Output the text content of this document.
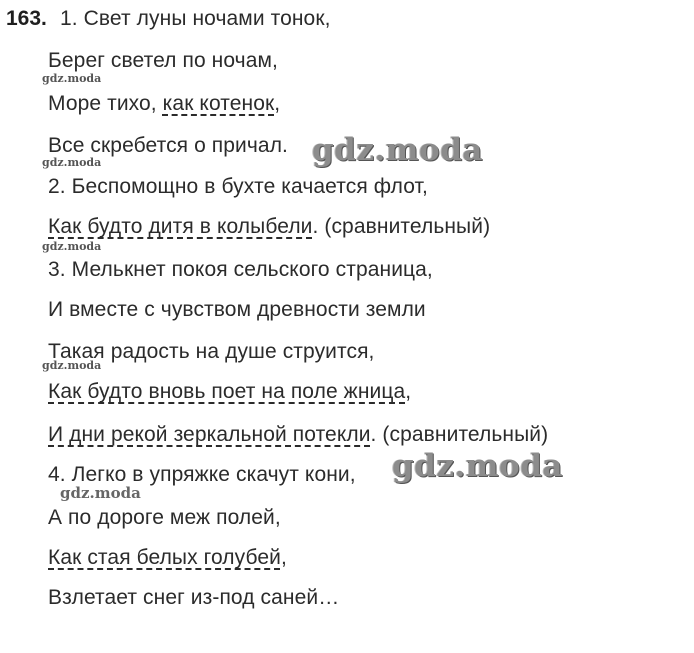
163. 1. Свет луны ночами тонок,
Берег светел по ночам,
Море тихо, как котенок,
Все скребется о причал.
2. Беспомощно в бухте качается флот,
Как будто дитя в колыбели. (сравнительный)
3. Мелькнет покоя сельского страница,
И вместе с чувством древности земли
Такая радость на душе струится,
Как будто вновь поет на поле жница,
И дни рекой зеркальной потекли. (сравнительный)
4. Легко в упряжке скачут кони,
А по дороге меж полей,
Как стая белых голубей,
Взлетает снег из-под саней…
gdz.moda
gdz.moda
gdz.moda
gdz.moda
gdz.moda
gdz.moda
gdz.moda
